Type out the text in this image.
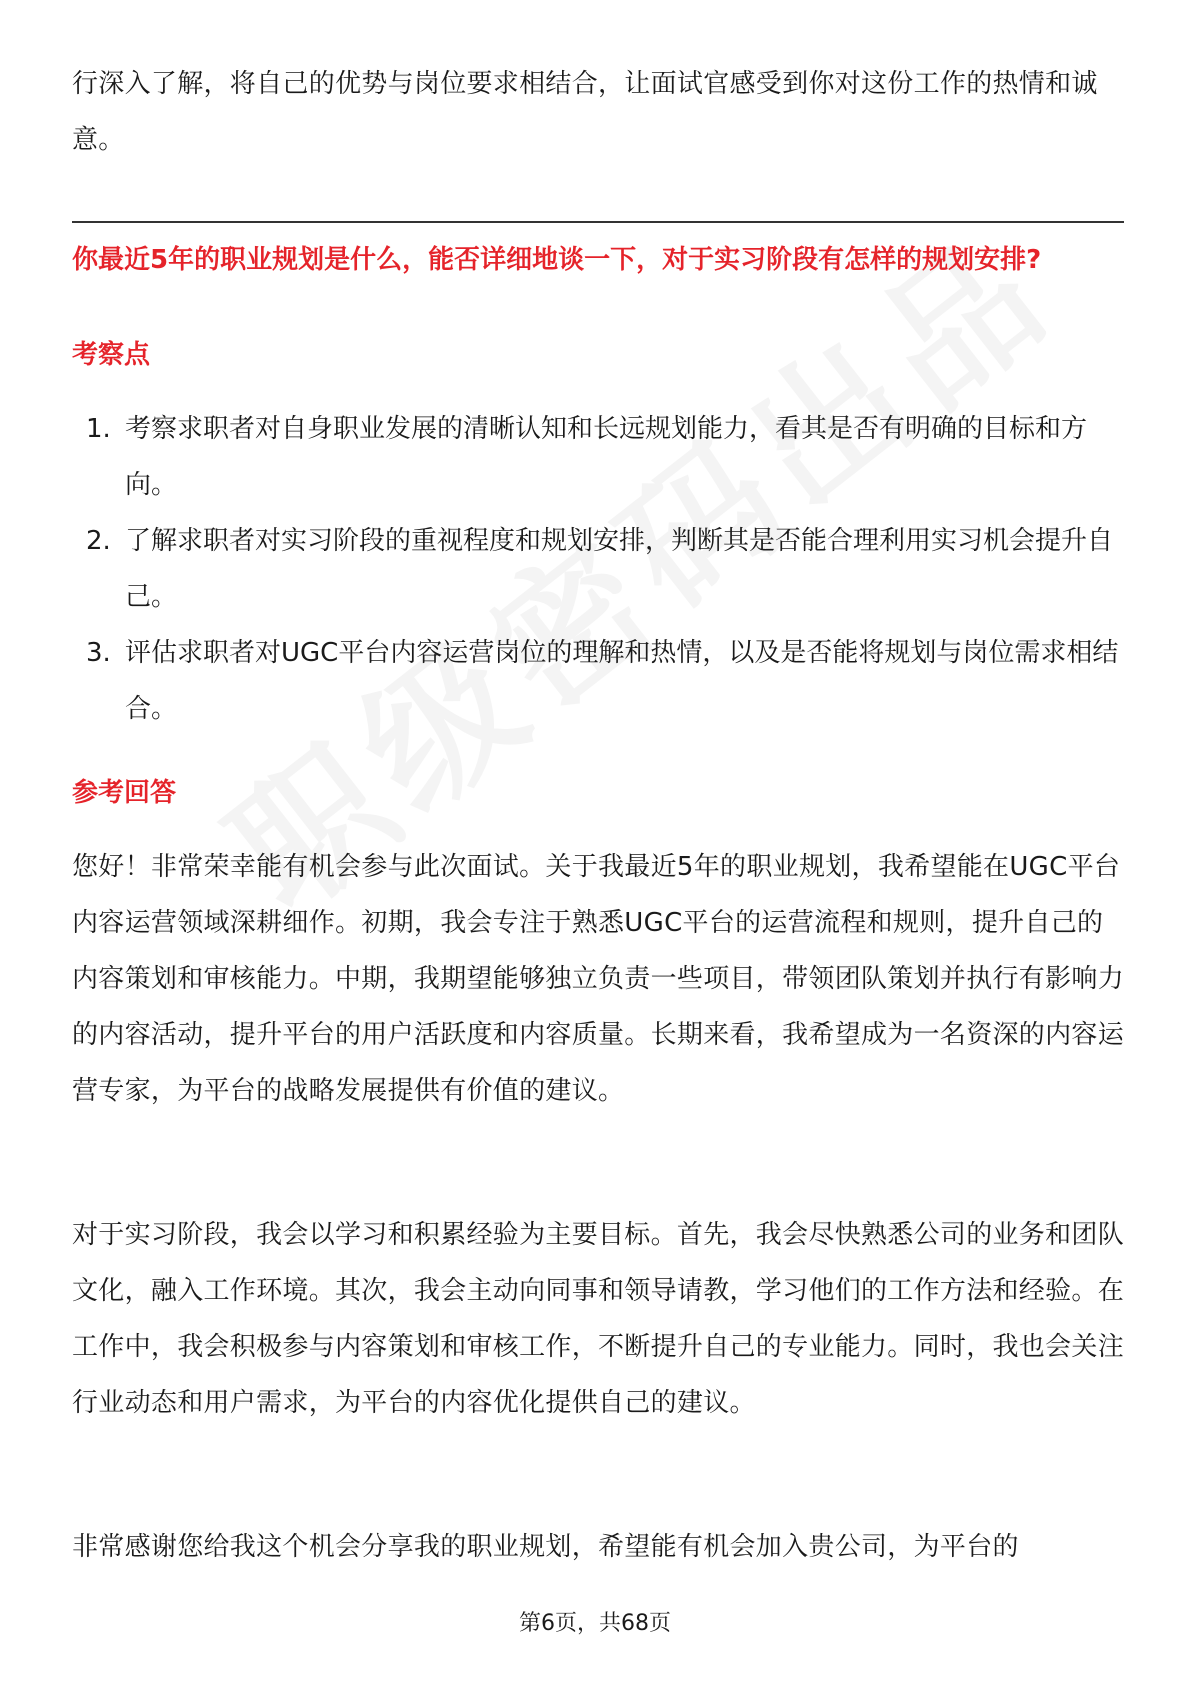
行深入了解，将自己的优势与岗位要求相结合，让面试官感受到你对这份工作的热情和诚意。

你最近5年的职业规划是什么，能否详细地谈一下，对于实习阶段有怎样的规划安排?

考察点

1. 考察求职者对自身职业发展的清晰认知和长远规划能力，看其是否有明确的目标和方向。
2. 了解求职者对实习阶段的重视程度和规划安排，判断其是否能合理利用实习机会提升自己。
3. 评估求职者对UGC平台内容运营岗位的理解和热情，以及是否能将规划与岗位需求相结合。

参考回答

您好！非常荣幸能有机会参与此次面试。关于我最近5年的职业规划，我希望能在UGC平台内容运营领域深耕细作。初期，我会专注于熟悉UGC平台的运营流程和规则，提升自己的内容策划和审核能力。中期，我期望能够独立负责一些项目，带领团队策划并执行有影响力的内容活动，提升平台的用户活跃度和内容质量。长期来看，我希望成为一名资深的内容运营专家，为平台的战略发展提供有价值的建议。

对于实习阶段，我会以学习和积累经验为主要目标。首先，我会尽快熟悉公司的业务和团队文化，融入工作环境。其次，我会主动向同事和领导请教，学习他们的工作方法和经验。在工作中，我会积极参与内容策划和审核工作，不断提升自己的专业能力。同时，我也会关注行业动态和用户需求，为平台的内容优化提供自己的建议。

非常感谢您给我这个机会分享我的职业规划，希望能有机会加入贵公司，为平台的

第6页，共68页
